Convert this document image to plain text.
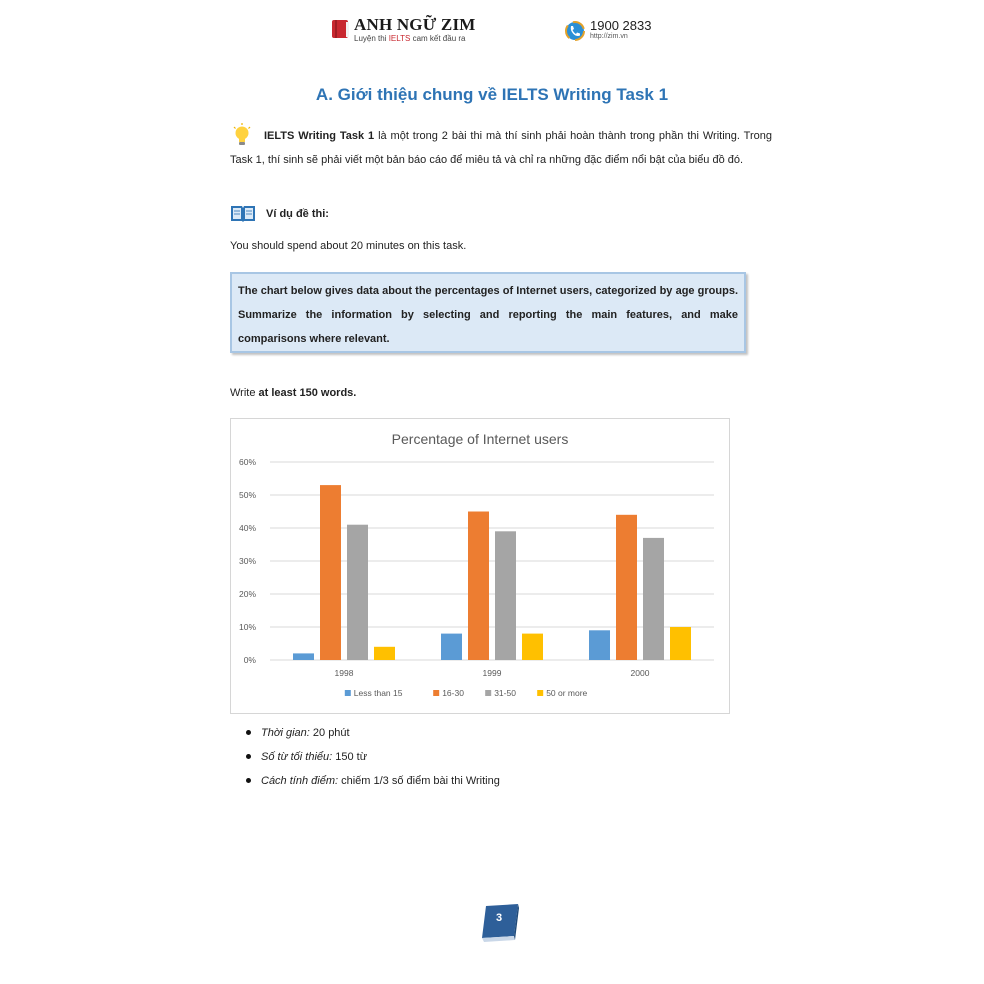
ANH NGỮ ZIM
Luyện thi IELTS cam kết đầu ra
1900 2833
http://zim.vn
A. Giới thiệu chung về IELTS Writing Task 1
IELTS Writing Task 1 là một trong 2 bài thi mà thí sinh phải hoàn thành trong phần thi Writing. Trong Task 1, thí sinh sẽ phải viết một bản báo cáo để miêu tả và chỉ ra những đặc điểm nổi bật của biểu đồ đó.
Ví dụ đề thi:
You should spend about 20 minutes on this task.
The chart below gives data about the percentages of Internet users, categorized by age groups. Summarize the information by selecting and reporting the main features, and make comparisons where relevant.
Write at least 150 words.
Percentage of Internet users
0%
10%
20%
30%
40%
50%
60%
1998	1999	2000
Less than 15	16-30	31-50	50 or more
Thời gian: 20 phút
Số từ tối thiểu: 150 từ
Cách tính điểm: chiếm 1/3 số điểm bài thi Writing
3
